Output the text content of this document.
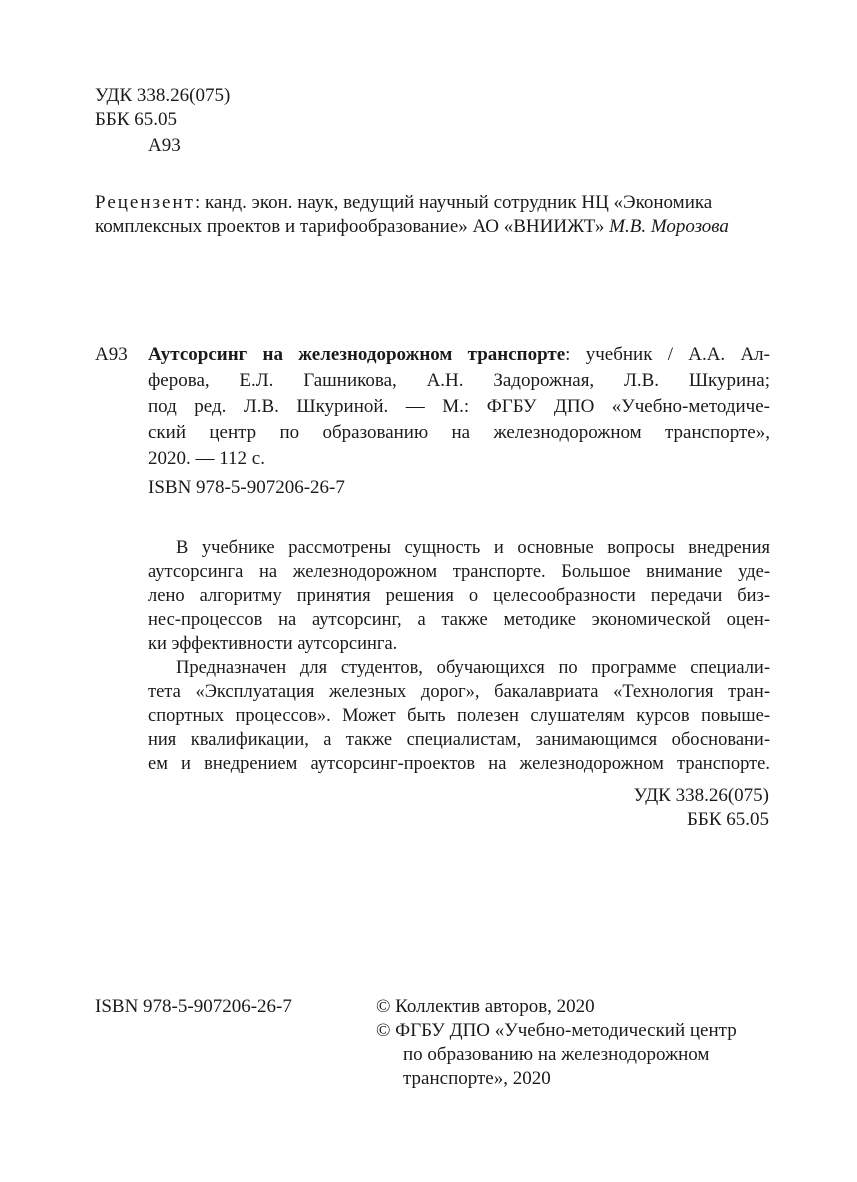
УДК 338.26(075)
ББК 65.05
А93
Рецензент: канд. экон. наук, ведущий научный сотрудник НЦ «Экономика
комплексных проектов и тарифообразование» АО «ВНИИЖТ» М.В. Морозова
А93 Аутсорсинг на железнодорожном транспорте: учебник / А.А. Ал-
ферова, Е.Л. Гашникова, А.Н. Задорожная, Л.В. Шкурина;
под ред. Л.В. Шкуриной. — М.: ФГБУ ДПО «Учебно-методиче-
ский центр по образованию на железнодорожном транспорте»,
2020. — 112 с.
ISBN 978-5-907206-26-7
В учебнике рассмотрены сущность и основные вопросы внедрения
аутсорсинга на железнодорожном транспорте. Большое внимание уде-
лено алгоритму принятия решения о целесообразности передачи биз-
нес-процессов на аутсорсинг, а также методике экономической оцен-
ки эффективности аутсорсинга.
Предназначен для студентов, обучающихся по программе специали-
тета «Эксплуатация железных дорог», бакалавриата «Технология тран-
спортных процессов». Может быть полезен слушателям курсов повыше-
ния квалификации, а также специалистам, занимающимся обосновани-
ем и внедрением аутсорсинг-проектов на железнодорожном транспорте.
УДК 338.26(075)
ББК 65.05
ISBN 978-5-907206-26-7	© Коллектив авторов, 2020
© ФГБУ ДПО «Учебно-методический центр
по образованию на железнодорожном
транспорте», 2020
